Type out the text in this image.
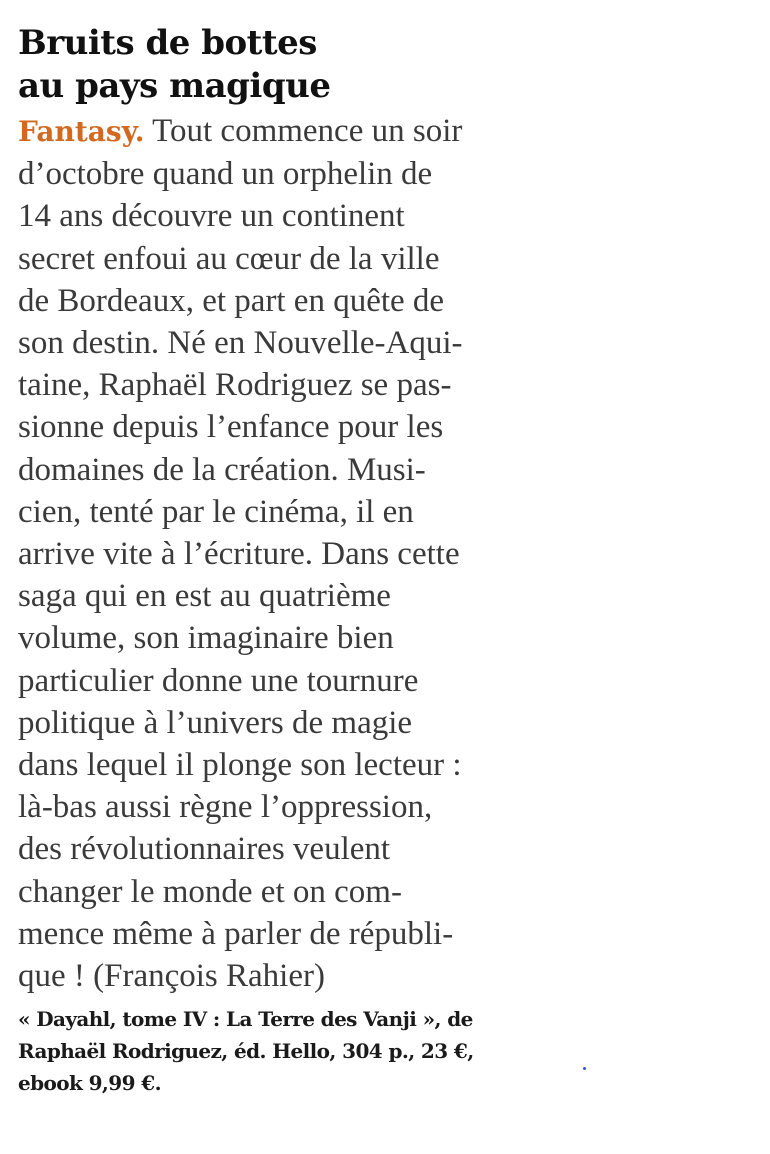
Bruits de bottes
au pays magique
Fantasy. Tout commence un soir
d’octobre quand un orphelin de
14 ans découvre un continent
secret enfoui au cœur de la ville
de Bordeaux, et part en quête de
son destin. Né en Nouvelle-Aqui-
taine, Raphaël Rodriguez se pas-
sionne depuis l’enfance pour les
domaines de la création. Musi-
cien, tenté par le cinéma, il en
arrive vite à l’écriture. Dans cette
saga qui en est au quatrième
volume, son imaginaire bien
particulier donne une tournure
politique à l’univers de magie
dans lequel il plonge son lecteur :
là-bas aussi règne l’oppression,
des révolutionnaires veulent
changer le monde et on com-
mence même à parler de républi-
que ! (François Rahier)
« Dayahl, tome IV : La Terre des Vanji », de
Raphaël Rodriguez, éd. Hello, 304 p., 23 €,
ebook 9,99 €.
